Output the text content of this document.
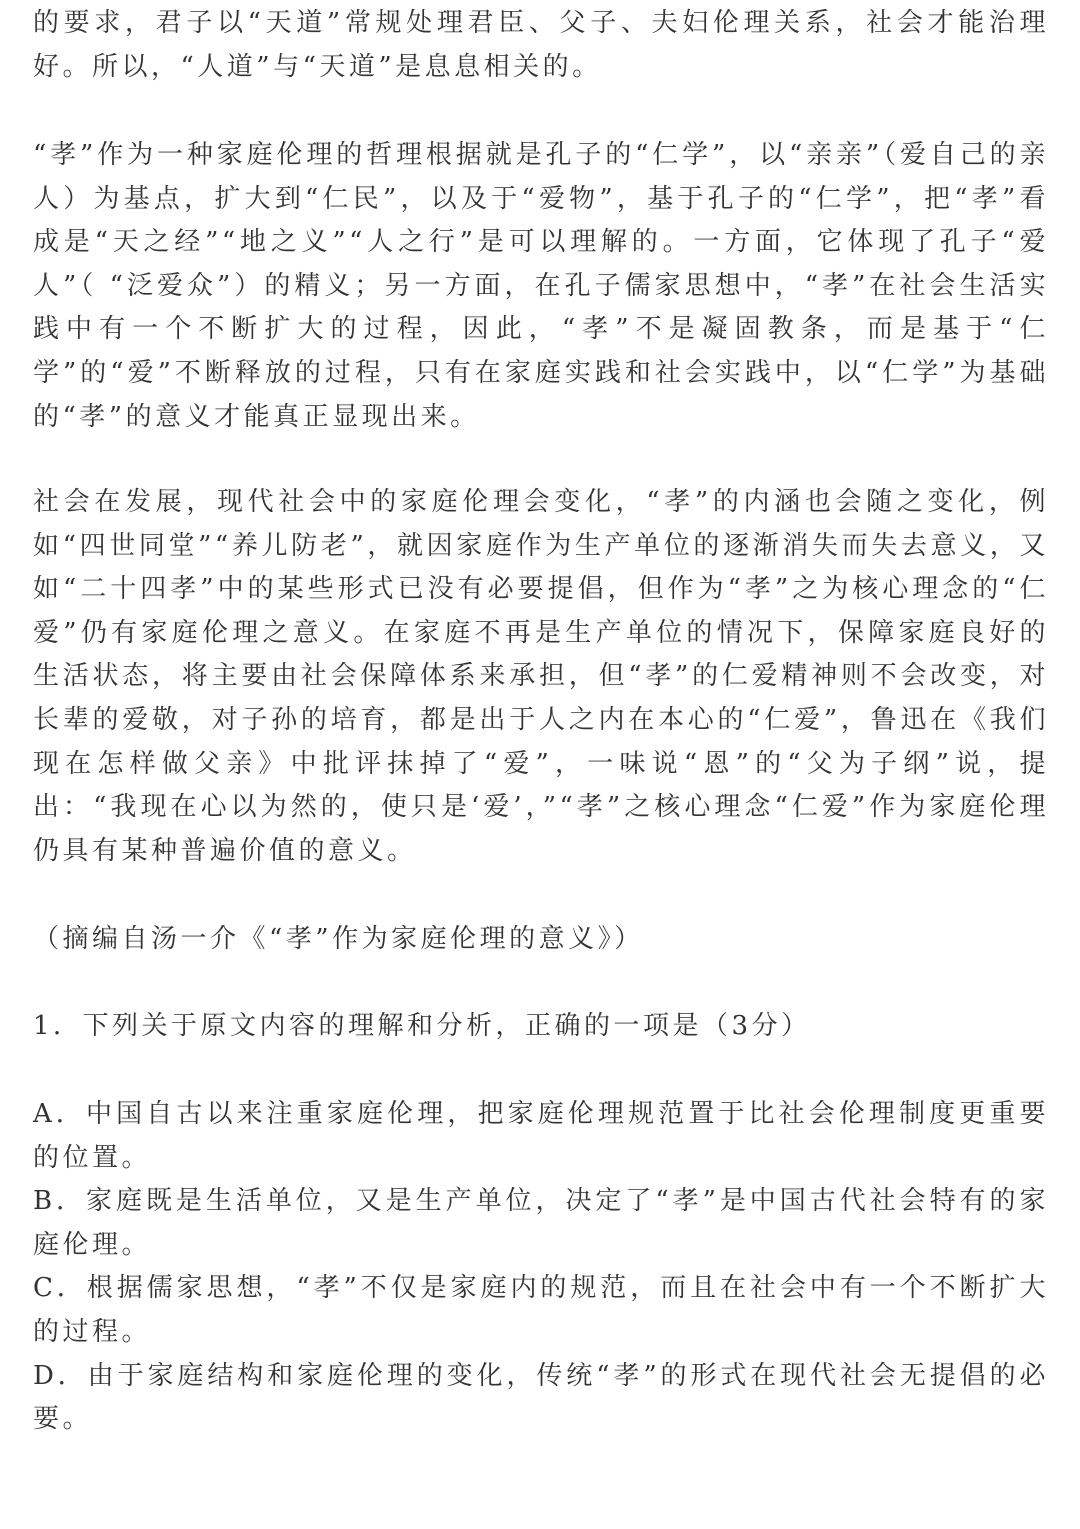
的要求，君子以“天道”常规处理君臣、父子、夫妇伦理关系，社会才能治理好。所以，“人道”与“天道”是息息相关的。

“孝”作为一种家庭伦理的哲理根据就是孔子的“仁学”，以“亲亲”（爱自己的亲人）为基点，扩大到“仁民”，以及于“爱物”，基于孔子的“仁学”，把“孝”看成是“天之经”“地之义”“人之行”是可以理解的。一方面，它体现了孔子“爱人”（ “泛爱众”）的精义；另一方面，在孔子儒家思想中，“孝”在社会生活实践中有一个不断扩大的过程，因此，“孝”不是凝固教条，而是基于“仁学”的“爱”不断释放的过程，只有在家庭实践和社会实践中，以“仁学”为基础的“孝”的意义才能真正显现出来。

社会在发展，现代社会中的家庭伦理会变化，“孝”的内涵也会随之变化，例如“四世同堂”“养儿防老”，就因家庭作为生产单位的逐渐消失而失去意义，又如“二十四孝”中的某些形式已没有必要提倡，但作为“孝”之为核心理念的“仁爱”仍有家庭伦理之意义。在家庭不再是生产单位的情况下，保障家庭良好的生活状态，将主要由社会保障体系来承担，但“孝”的仁爱精神则不会改变，对长辈的爱敬，对子孙的培育，都是出于人之内在本心的“仁爱”，鲁迅在《我们现在怎样做父亲》中批评抹掉了“爱”，一味说“恩”的“父为子纲”说，提出：“我现在心以为然的，使只是‘爱’，”“孝”之核心理念“仁爱”作为家庭伦理仍具有某种普遍价值的意义。

（摘编自汤一介《“孝”作为家庭伦理的意义》）

1．下列关于原文内容的理解和分析，正确的一项是（3分）

A．中国自古以来注重家庭伦理，把家庭伦理规范置于比社会伦理制度更重要的位置。
B．家庭既是生活单位，又是生产单位，决定了“孝”是中国古代社会特有的家庭伦理。
C．根据儒家思想，“孝”不仅是家庭内的规范，而且在社会中有一个不断扩大的过程。
D．由于家庭结构和家庭伦理的变化，传统“孝”的形式在现代社会无提倡的必要。
